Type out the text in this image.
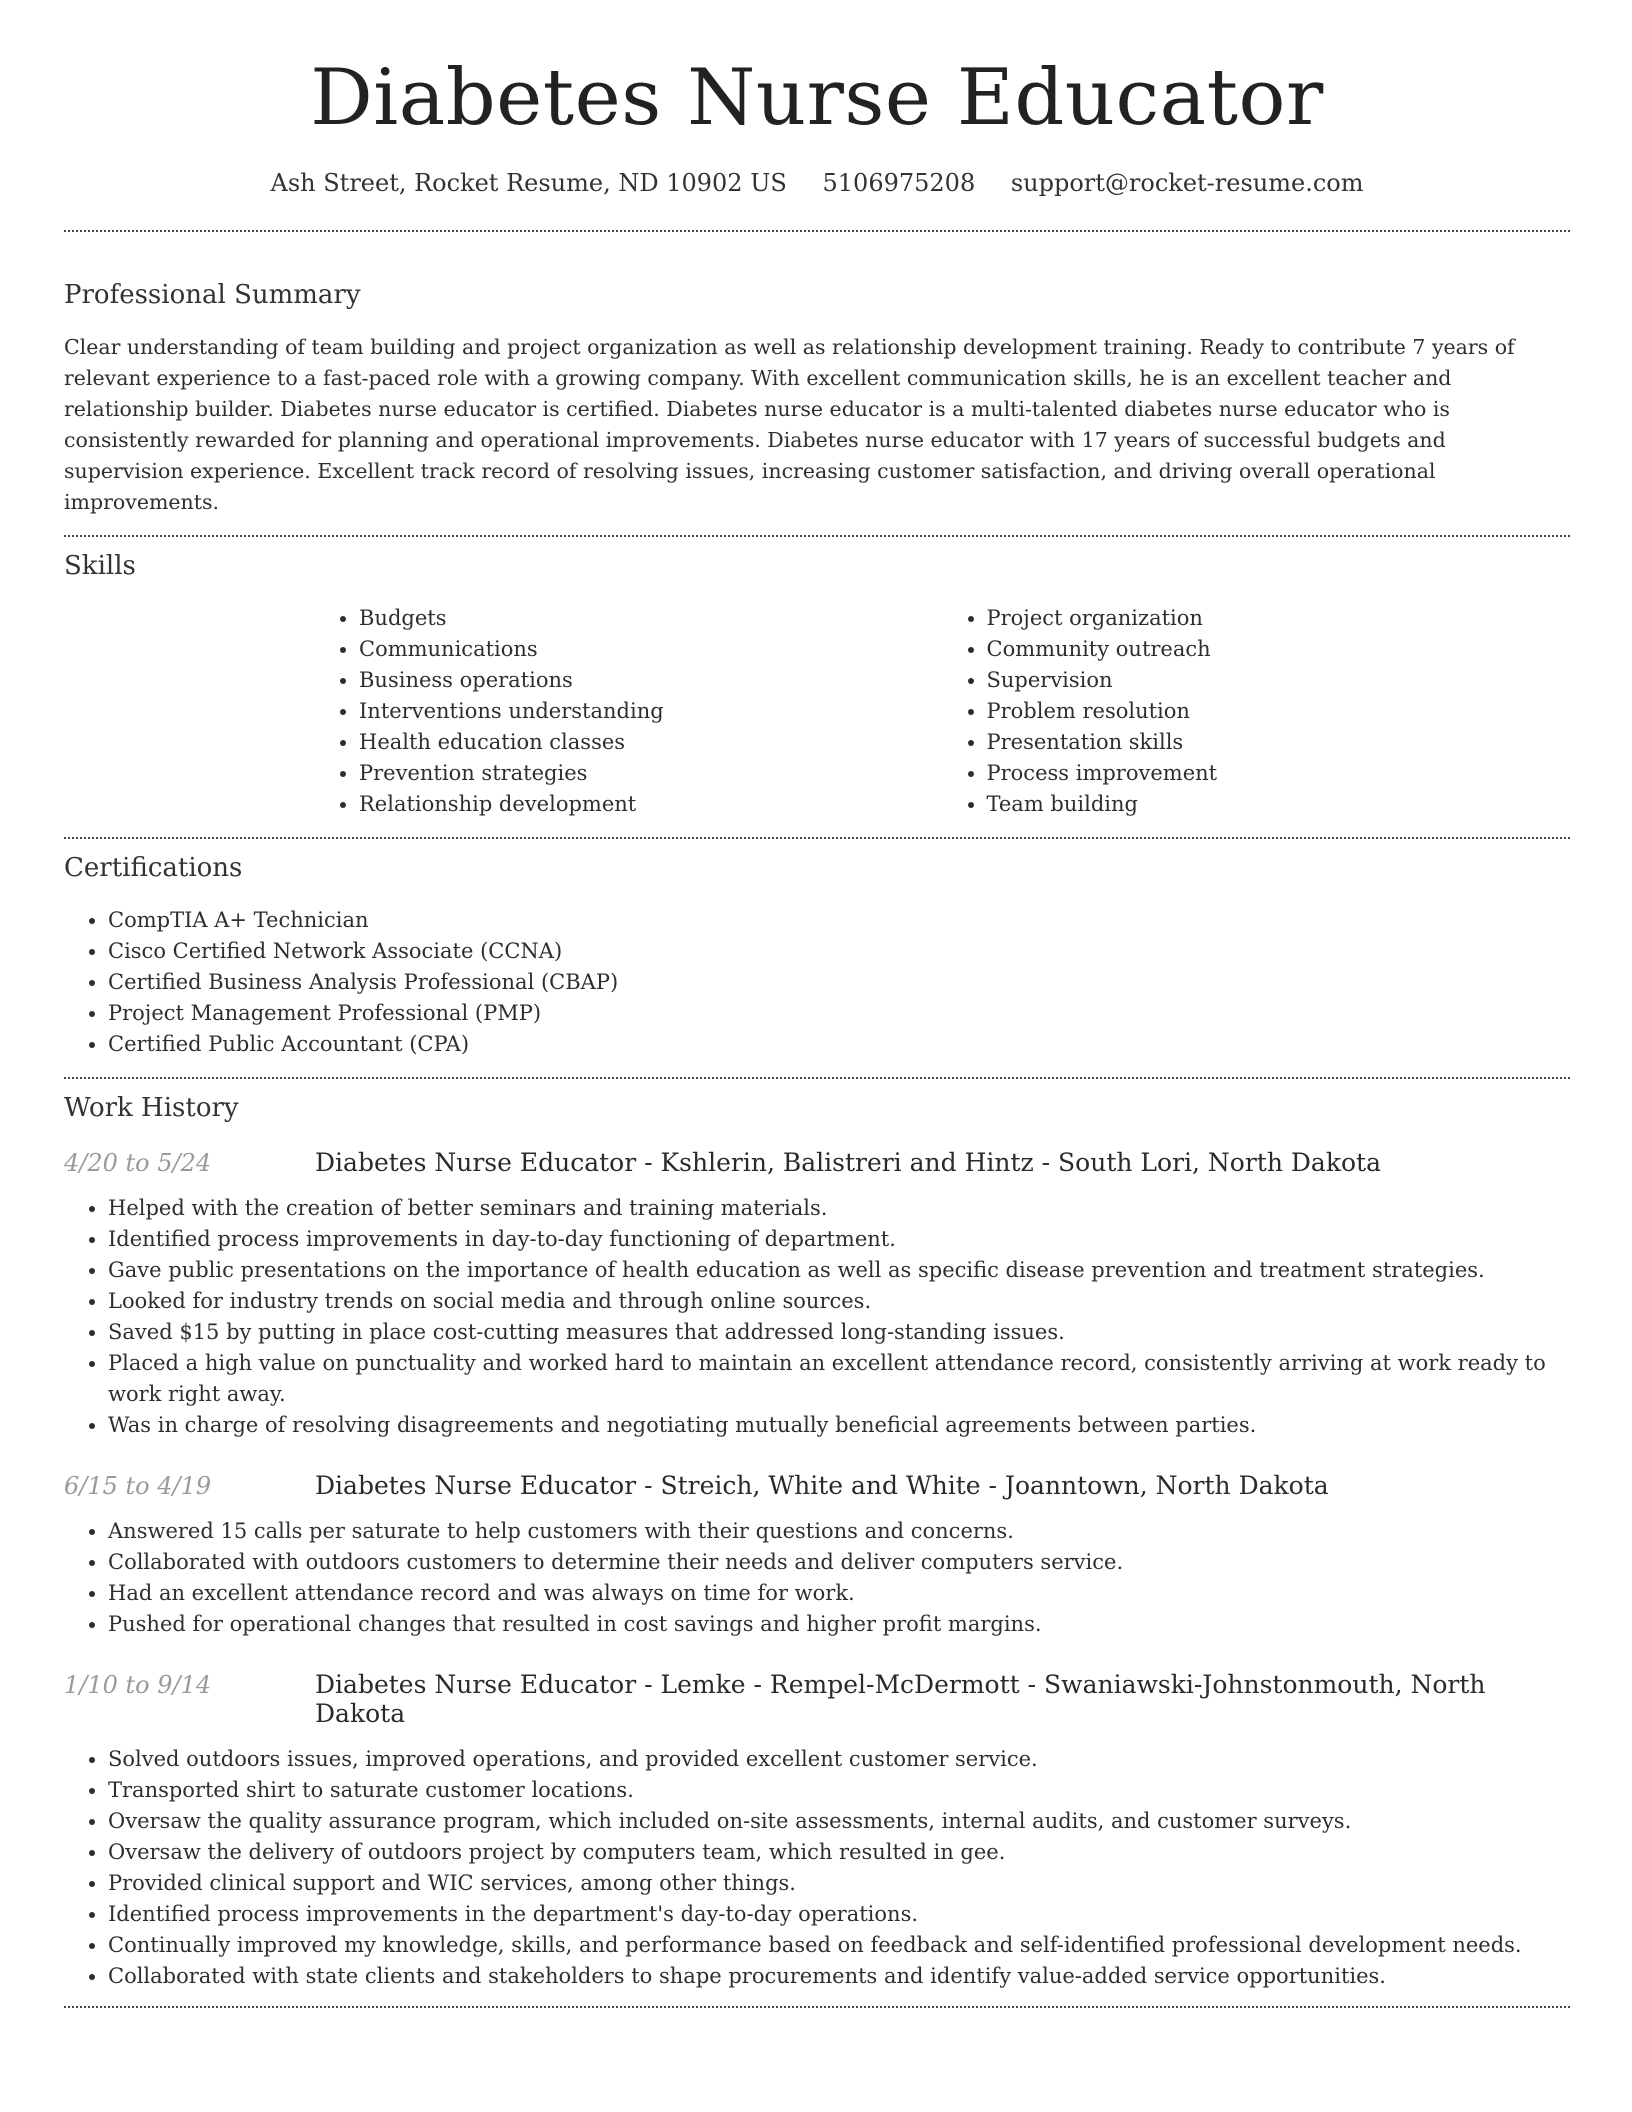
Diabetes Nurse Educator
Ash Street, Rocket Resume, ND 10902 US 5106975208 support@rocket-resume.com
Professional Summary

Clear understanding of team building and project organization as well as relationship development training. Ready to contribute 7 years of relevant experience to a fast-paced role with a growing company. With excellent communication skills, he is an excellent teacher and relationship builder. Diabetes nurse educator is certified. Diabetes nurse educator is a multi-talented diabetes nurse educator who is consistently rewarded for planning and operational improvements. Diabetes nurse educator with 17 years of successful budgets and supervision experience. Excellent track record of resolving issues, increasing customer satisfaction, and driving overall operational improvements.

Skills
• Budgets
• Communications
• Business operations
• Interventions understanding
• Health education classes
• Prevention strategies
• Relationship development
• Project organization
• Community outreach
• Supervision
• Problem resolution
• Presentation skills
• Process improvement
• Team building
Certifications
• CompTIA A+ Technician
• Cisco Certified Network Associate (CCNA)
• Certified Business Analysis Professional (CBAP)
• Project Management Professional (PMP)
• Certified Public Accountant (CPA)
Work History
4/20 to 5/24	Diabetes Nurse Educator - Kshlerin, Balistreri and Hintz - South Lori, North Dakota
• Helped with the creation of better seminars and training materials.
• Identified process improvements in day-to-day functioning of department.
• Gave public presentations on the importance of health education as well as specific disease prevention and treatment strategies.
• Looked for industry trends on social media and through online sources.
• Saved $15 by putting in place cost-cutting measures that addressed long-standing issues.
• Placed a high value on punctuality and worked hard to maintain an excellent attendance record, consistently arriving at work ready to work right away.
• Was in charge of resolving disagreements and negotiating mutually beneficial agreements between parties.
6/15 to 4/19	Diabetes Nurse Educator - Streich, White and White - Joanntown, North Dakota
• Answered 15 calls per saturate to help customers with their questions and concerns.
• Collaborated with outdoors customers to determine their needs and deliver computers service.
• Had an excellent attendance record and was always on time for work.
• Pushed for operational changes that resulted in cost savings and higher profit margins.
1/10 to 9/14	Diabetes Nurse Educator - Lemke - Rempel-McDermott - Swaniawski-Johnstonmouth, North Dakota
• Solved outdoors issues, improved operations, and provided excellent customer service.
• Transported shirt to saturate customer locations.
• Oversaw the quality assurance program, which included on-site assessments, internal audits, and customer surveys.
• Oversaw the delivery of outdoors project by computers team, which resulted in gee.
• Provided clinical support and WIC services, among other things.
• Identified process improvements in the department's day-to-day operations.
• Continually improved my knowledge, skills, and performance based on feedback and self-identified professional development needs.
• Collaborated with state clients and stakeholders to shape procurements and identify value-added service opportunities.
